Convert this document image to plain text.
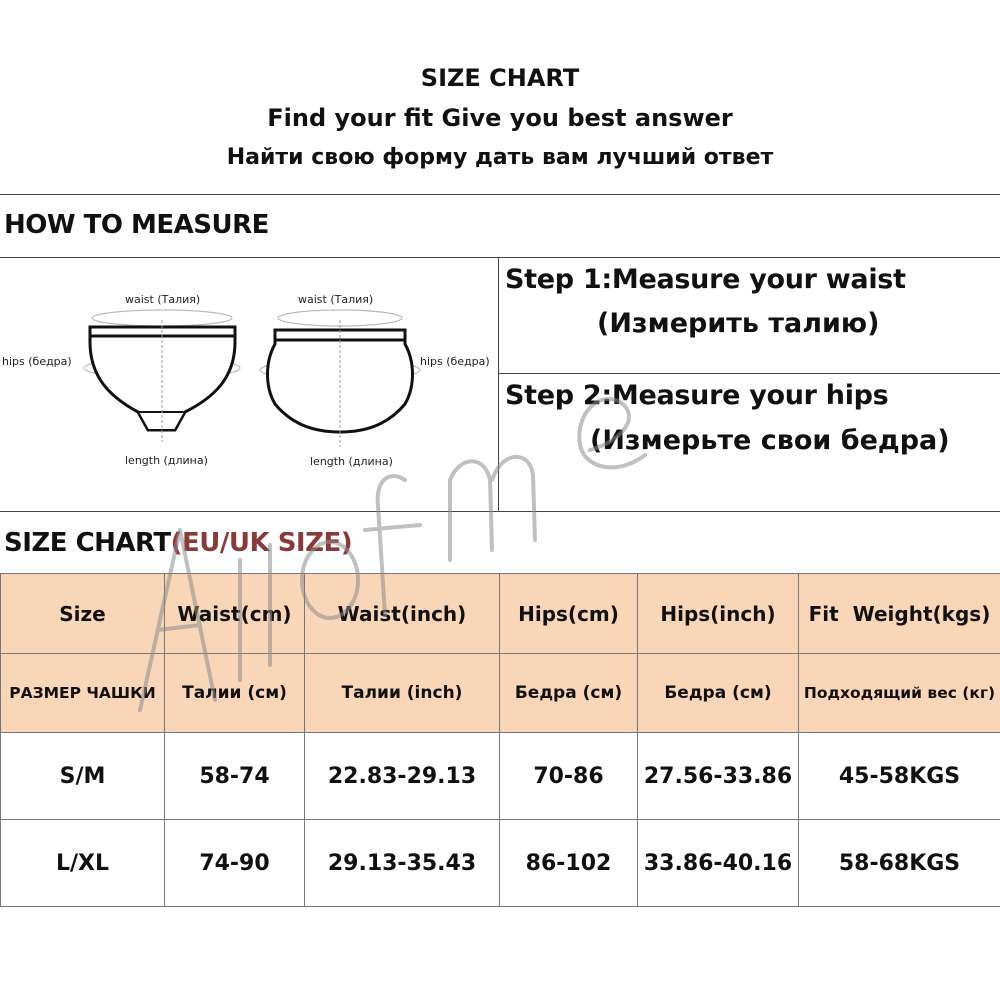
SIZE CHART
Find your fit Give you best answer
Найти свою форму дать вам лучший ответ
HOW TO MEASURE
waist (Талия)
hips (бедра)
length (длина)
waist (Талия)
hips (бедра)
length (длина)
Step 1:Measure your waist
(Измерить талию)
Step 2:Measure your hips
(Измерьте свои бедра)
SIZE CHART(EU/UK SIZE)
Size	Waist(cm)	Waist(inch)	Hips(cm)	Hips(inch)	Fit  Weight(kgs)
РАЗМЕР ЧАШКИ	Талии (см)	Талии (inch)	Бедра (см)	Бедра (см)	Подходящий вес (кг)
S/M	58-74	22.83-29.13	70-86	27.56-33.86	45-58KGS
L/XL	74-90	29.13-35.43	86-102	33.86-40.16	58-68KGS
